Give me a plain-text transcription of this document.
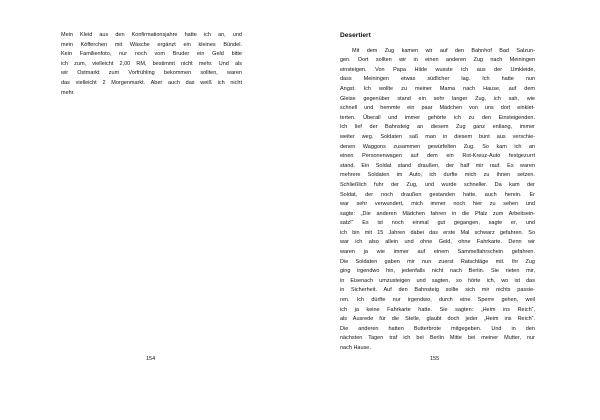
Mein Kleid aus den Konfirmationsjahre hatte ich an, und
mein Köfferchen mit Wäsche ergänzt ein kleines Bündel.
Kein Familienfoto, nur noch vom Bruder ein Geld bitte
ich zum, vielleicht 2,00 RM, bestimmt nicht mehr. Und als
wir Ostmarkt zum Vorfrühling bekommen sollten, waren
das vielleicht 2 Morgenmarkt. Aber auch das weiß ich nicht
mehr.
154
Desertiert
Mit dem Zug kamen wir auf den Bahnhof Bad Salzun-
gen. Dort sollten wir in einen anderen Zug nach Meiningen
einsteigen. Von Papa Hilde wusste ich aus der Umkleide,
dass Meiningen etwas südlicher lag. Ich hatte nun
Angst. Ich wollte zu meiner Mama nach Hause, auf dem
Gleise gegenüber stand ein sehr langer Zug, ich sah, wie
schnell und hemmte ein paar Mädchen von uns dort einklet-
terten. Überall und immer gehörte ich zu den Einsteigenden.
Ich lief der Bahnsteig an diesem Zug ganz entlang, immer
weiter weg. Soldaten saß man in diesem bunt aus verschie-
denen Waggons zusammen gewürfelten Zug. So kam ich an
einen Personenwagen auf dem ein Rot-Kreuz-Auto festgezurrt
stand. Ein Soldat stand draußen, der half mir rauf. Es waren
mehrere Soldaten im Auto, ich durfte mich zu ihnen setzen.
Schließlich fuhr der Zug, und wurde schneller. Da kam der
Soldat, der noch draußen gestanden hatte, auch herein. Er
war sehr verwundert, mich immer noch hier zu sehen und
sagte: „Die anderen Mädchen fahren in die Pfalz zum Arbeitsein-
satz!“ Es ist noch einmal gut gegangen, sagte er, und
ich bin mit 15 Jahren dabei das erste Mal schwarz gefahren. So
war ich also allein und ohne Geld, ohne Fahrkarte. Denn wir
waren ja wie immer auf einem Sammelfahrschein gefahren.
Die Soldaten gaben mir nun zuerst Ratschläge mit. Ihr Zug
ging irgendwo hin, jedenfalls nicht nach Berlin. Sie rieten mir,
in Eisenach umzusteigen und sagten, so hörte ich, wo ist das
in Sicherheit. Auf den Bahnsteig sollte sich mir nichts passie-
ren. Ich dürfte nur irgendwo, durch eine Sperre gehen, weil
ich ja keine Fahrkarte hatte. Sie sagten: „Heim ins Reich“,
als Ausrede für die Stelle, glaubt doch jeder „Heim ins Reich“.
Die anderen hatten Butterbrote mitgegeben. Und in den
nächsten Tagen traf ich bei Berlin Mitte bei meiner Mutter, nur
nach Hause.
155
